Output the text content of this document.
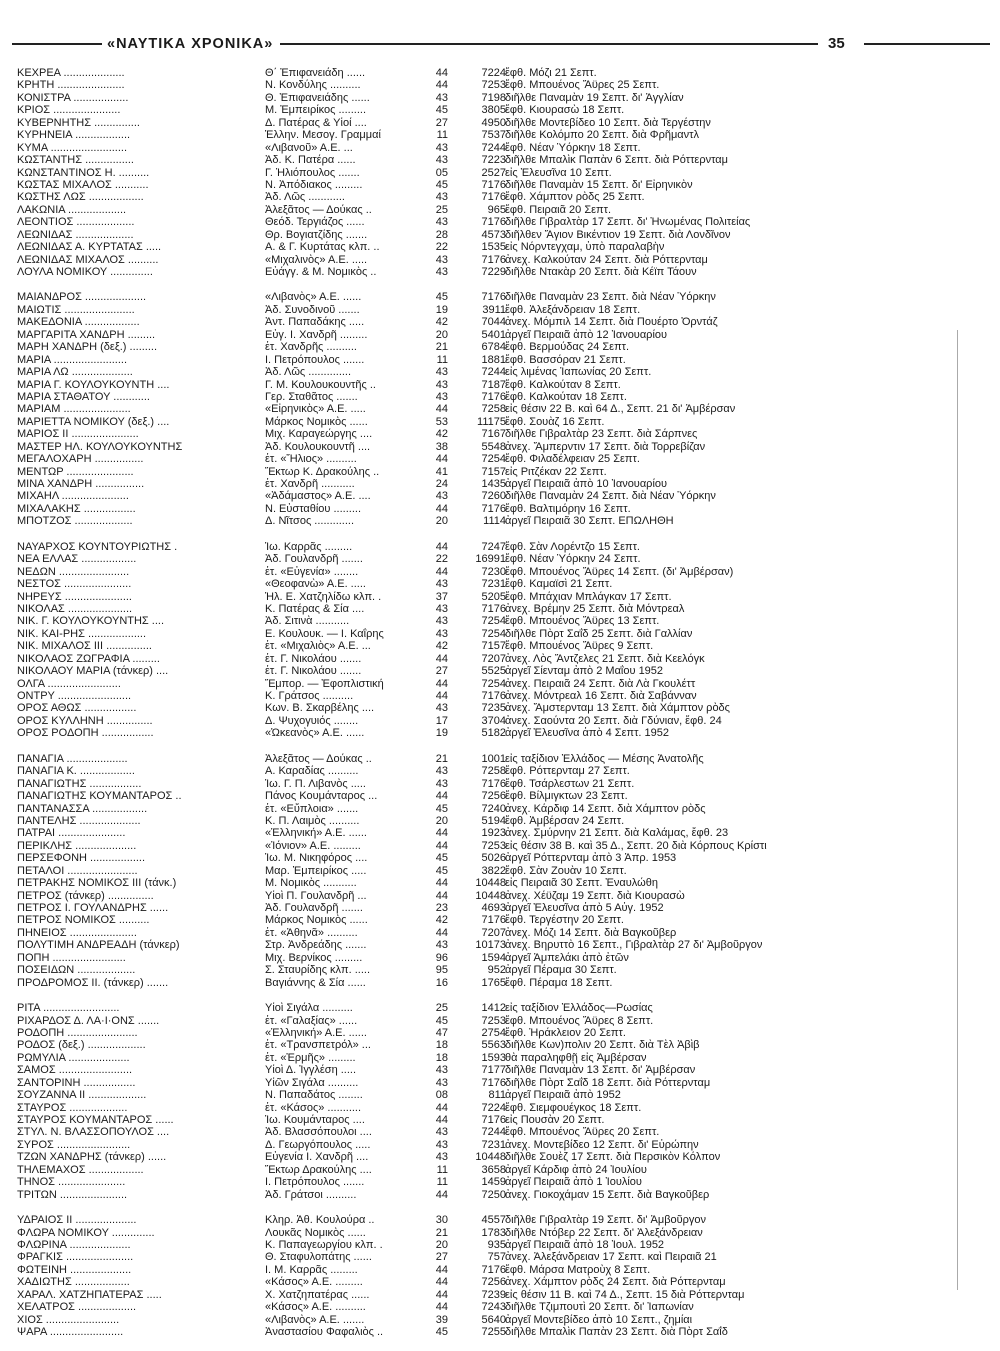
«ΝΑΥΤΙΚΑ ΧΡΟΝΙΚΑ»	35
ΚΕΧΡΕΑ ....................	Θ΄ Ἐπιφανειάδη ......	44	7224 ἔφθ. Μόζι 21 Σεπτ.
ΚΡΗΤΗ ......................	Ν. Κονδύλης ..........	44	7253 ἔφθ. Μπουένος Ἄϋρες 25 Σεπτ.
ΚΟΝΙΣΤΡΑ ..................	Θ. Ἐπιφανειάδης ......	43	7198 διῆλθε Παναμὰν 19 Σεπτ. δι' Ἀγγλίαν
ΚΡΙΟΣ ......................	Μ. Ἐμπειρίκος .........	45	3805 ἔφθ. Κιουρασὼ 18 Σεπτ.
ΚΥΒΕΡΝΗΤΗΣ ...............	Δ. Πατέρας & Υἱοί ....	27	4950 διῆλθε Μοντεβίδεο 10 Σεπτ. διὰ Τεργέστην
ΚΥΡΗΝΕΙΑ ..................	Ἑλλην. Μεσογ. Γραμμαί	11	7537 διῆλθε Κολόμπο 20 Σεπτ. διὰ Φρῆμαντλ
ΚΥΜΑ .........................	«Λιβανοῦ» Α.Ε. ...	43	7244 ἔφθ. Νέαν Ὑόρκην 18 Σεπτ.
ΚΩΣΤΑΝΤΗΣ ................	Ἀδ. Κ. Πατέρα ......	43	7223 διῆλθε Μπαλὶκ Παπὰν 6 Σεπτ. διὰ Ρόττερνταμ
ΚΩΝΣΤΑΝΤΙΝΟΣ Η. ..........	Γ. Ἡλιόπουλος .......	05	2527 εἰς Ἐλευσῖνα 10 Σεπτ.
ΚΩΣΤΑΣ ΜΙΧΑΛΟΣ ...........	Ν. Ἀπόδιακος .........	45	7176 διῆλθε Παναμὰν 15 Σεπτ. δι' Εἰρηνικὸν
ΚΩΣΤΗΣ ΛΩΣ ..................	Ἀδ. Λῶς ............	43	7176 ἔφθ. Χάμπτον ρὸδς 25 Σεπτ.
ΛΑΚΩΝΙΑ ...................	Ἀλεξᾶτος — Δούκας ..	25	965 ἔφθ. Πειραιᾶ 20 Σεπτ.
ΛΕΟΝΤΙΟΣ ...................	Θεόδ. Τεργιάζος ......	43	7176 διῆλθε Γιβραλτὰρ 17 Σεπτ. δι' Ἡνωμένας Πολιτείας
ΛΕΩΝΙΔΑΣ ...................	Θρ. Βογιατζίδης .......	28	4573 διῆλθεν Ἅγιον Βικέντιον 19 Σεπτ. διὰ Λονδῖνον
ΛΕΩΝΙΔΑΣ Α. ΚΥΡΤΑΤΑΣ .....	Α. & Γ. Κυρτάτας κλπ. ..	22	1535 εἰς Νόρντεγχαμ, ὑπὸ παραλαβὴν
ΛΕΩΝΙΔΑΣ ΜΙΧΑΛΟΣ ..........	«Μιχαλινὸς» Α.Ε. .....	43	7176 ἀνεχ. Καλκούταν 24 Σεπτ. διὰ Ρόττερνταμ
ΛΟΥΛΑ ΝΟΜΙΚΟΥ ..............	Εὐάγγ. & Μ. Νομικὸς ..	43	7229 διῆλθε Ντακὰρ 20 Σεπτ. διὰ Κέϊπ Τάουν
ΜΑΙΑΝΔΡΟΣ ....................	«Λιβανὸς» Α.Ε. ......	45	7176 διῆλθε Παναμὰν 23 Σεπτ. διὰ Νέαν Ὑόρκην
ΜΑΙΩΤΙΣ .......................	Ἀδ. Συνοδινοῦ .......	19	3911 ἔφθ. Ἀλεξάνδρειαν 18 Σεπτ.
ΜΑΚΕΔΟΝΙΑ ..................	Ἀντ. Παπαδάκης .....	42	7044 ἀνεχ. Μόμπιλ 14 Σεπτ. διὰ Πουέρτο Ὀρντάζ
ΜΑΡΓΑΡΙΤΑ ΧΑΝΔΡΗ .........	Εὐγ. Ι. Χανδρῆ .........	20	5401 ἀργεῖ Πειραιᾶ ἀπὸ 12 Ἰανουαρίου
ΜΑΡΗ ΧΑΝΔΡΗ (δεξ.) .........	ἑτ. Χανδρῆς ..........	21	6784 ἔφθ. Βερμούδας 24 Σεπτ.
ΜΑΡΙΑ ........................	Ι. Πετρόπουλος .......	11	1881 ἔφθ. Βασσόραν 21 Σεπτ.
ΜΑΡΙΑ ΛΩ ....................	Ἀδ. Λῶς ..............	43	7244 εἰς λιμένας Ἰαπωνίας 20 Σεπτ.
ΜΑΡΙΑ Γ. ΚΟΥΛΟΥΚΟΥΝΤΗ ....	Γ. Μ. Κουλουκουντῆς ..	43	7187 ἔφθ. Καλκούταν 8 Σεπτ.
ΜΑΡΙΑ ΣΤΑΘΑΤΟΥ ............	Γερ. Σταθᾶτος .......	43	7176 ἔφθ. Καλκούταν 18 Σεπτ.
ΜΑΡΙΑΜ ......................	«Εἰρηνικὸς» Α.Ε. .....	44	7258 εἰς θέσιν 22 Β. καὶ 64 Δ., Σεπτ. 21 δι' Ἀμβέρσαν
ΜΑΡΙΕΤΤΑ ΝΟΜΙΚΟΥ (δεξ.) ....	Μάρκος Νομικὸς ......	53	11175 ἔφθ. Σουὰζ 16 Σεπτ.
ΜΑΡΙΟΣ ΙΙ ......................	Μιχ. Καραγεώργης ....	42	7167 διῆλθε Γιβραλτὰρ 23 Σεπτ. διὰ Σάρπνες
ΜΑΣΤΕΡ ΗΛ. ΚΟΥΛΟΥΚΟΥΝΤΗΣ	Ἀδ. Κουλουκουντῆ ....	38	5548 ἀνεχ. Ἄμπερντιν 17 Σεπτ. διὰ Τορρεβίζαν
ΜΕΓΑΛΟΧΑΡΗ ................	ἑτ. «Ἥλιος» ..........	44	7254 ἔφθ. Φιλαδέλφειαν 25 Σεπτ.
ΜΕΝΤΩΡ ......................	Ἕκτωρ Κ. Δρακούλης ..	41	7157 εἰς Ριτζέκαν 22 Σεπτ.
ΜΙΝΑ ΧΑΝΔΡΗ ................	ἑτ. Χανδρῆ ...........	24	1435 ἀργεῖ Πειραιᾶ ἀπὸ 10 Ἰανουαρίου
ΜΙΧΑΗΛ ......................	«Ἀδάμαστος» Α.Ε. ....	43	7260 διῆλθε Παναμὰν 24 Σεπτ. διὰ Νέαν Ὑόρκην
ΜΙΧΑΛΑΚΗΣ .................	Ν. Εὐσταθίου .........	44	7176 ἔφθ. Βαλτιμόρην 16 Σεπτ.
ΜΠΟΤΖΟΣ ...................	Δ. Νῖτσος .............	20	1114 ἀργεῖ Πειραιᾶ 30 Σεπτ. ΕΠΩΛΗΘΗ
ΝΑΥΑΡΧΟΣ ΚΟΥΝΤΟΥΡΙΩΤΗΣ .	Ἰω. Καρρᾶς .........	44	7247 ἔφθ. Σὰν Λορέντζο 15 Σεπτ.
ΝΕΑ ΕΛΛΑΣ ..................	Ἀδ. Γουλανδρῆ .......	22	16991 ἔφθ. Νέαν Ὑόρκην 24 Σεπτ.
ΝΕΔΩΝ .......................	ἑτ. «Εὐγενία» ........	44	7230 ἔφθ. Μπουένος Ἄϋρες 14 Σεπτ. (δι' Ἀμβέρσαν)
ΝΕΣΤΟΣ ......................	«Θεοφανὼ» Α.Ε. .....	43	7231 ἔφθ. Καμαϊσὶ 21 Σεπτ.
ΝΗΡΕΥΣ ......................	Ἠλ. Ε. Χατζηλίδω κλπ. .	37	5205 ἔφθ. Μπάχιαν Μπλάγκαν 17 Σεπτ.
ΝΙΚΟΛΑΣ .....................	Κ. Πατέρας & Σία ....	43	7176 ἀνεχ. Βρέμην 25 Σεπτ. διὰ Μόντρεαλ
ΝΙΚ. Γ. ΚΟΥΛΟΥΚΟΥΝΤΗΣ ....	Ἀδ. Σιτινὰ ...........	43	7254 ἔφθ. Μπουένος Ἄϋρες 13 Σεπτ.
ΝΙΚ. ΚΑΙ-ΡΗΣ ...................	Ε. Κουλουκ. — Ι. Καΐρης	43	7254 διῆλθε Πὸρτ Σαΐδ 25 Σεπτ. διὰ Γαλλίαν
ΝΙΚ. ΜΙΧΑΛΟΣ ΙΙΙ ...............	ἑτ. «Μιχαλιὸς» Α.Ε. ...	42	7157 ἔφθ. Μπουένος Ἄϋρες 9 Σεπτ.
ΝΙΚΟΛΑΟΣ ΖΩΓΡΑΦΙΑ .........	ἑτ. Γ. Νικολάου .......	44	7207 ἀνεχ. Λὸς Ἄντζελες 21 Σεπτ. διὰ Κεελόγκ
ΝΙΚΟΛΑΟΥ ΜΑΡΙΑ (τάνκερ) ....	ἑτ. Γ. Νικολάου .......	27	5525 ἀργεῖ Σίενταμ ἀπὸ 2 Μαΐου 1952
ΟΛΓΑ ........................	Ἔμπορ. — Ἐφοπλιστική	44	7254 ἀνεχ. Πειραιᾶ 24 Σεπτ. διὰ Λὰ Γκουλέττ
ΟΝΤΡΥ ........................	Κ. Γράτσος ..........	44	7176 ἀνεχ. Μόντρεαλ 16 Σεπτ. διὰ Σαβάνναν
ΟΡΟΣ ΑΘΩΣ .................	Κων. Β. Σκαρβέλης ....	43	7235 ἀνεχ. Ἄμστερνταμ 13 Σεπτ. διὰ Χάμπτον ρὸδς
ΟΡΟΣ ΚΥΛΛΗΝΗ ...............	Δ. Ψυχογυιός ........	17	3704 ἀνεχ. Σαούντα 20 Σεπτ. διὰ Γδύνιαν, ἔφθ. 24
ΟΡΟΣ ΡΟΔΟΠΗ .................	«Ὠκεανὸς» Α.Ε. ......	19	5182 ἀργεῖ Ἐλευσῖνα ἀπὸ 4 Σεπτ. 1952
ΠΑΝΑΓΙΑ ....................	Ἀλεξᾶτος — Δούκας ..	21	1001 εἰς ταξίδιον Ἑλλάδος — Μέσης Ἀνατολῆς
ΠΑΝΑΓΙΑ Κ. ..................	Α. Καραδίας ..........	43	7258 ἔφθ. Ρόττερνταμ 27 Σεπτ.
ΠΑΝΑΓΙΩΤΗΣ .................	Ἰω. Γ. Π. Λιβανὸς .....	43	7176 ἔφθ. Τσάρλεστων 21 Σεπτ.
ΠΑΝΑΓΙΩΤΗΣ ΚΟΥΜΑΝΤΑΡΟΣ ..	Πάνος Κουμάνταρος ...	44	7256 ἔφθ. Βίλμιγκτων 23 Σεπτ.
ΠΑΝΤΑΝΑΣΣΑ ..................	ἑτ. «Εὔπλοια» .......	45	7240 ἀνεχ. Κάρδιφ 14 Σεπτ. διὰ Χάμπτον ρὸδς
ΠΑΝΤΕΛΗΣ ....................	Κ. Π. Λαιμὸς ..........	20	5194 ἔφθ. Ἀμβέρσαν 24 Σεπτ.
ΠΑΤΡΑΙ ......................	«Ἑλληνική» Α.Ε. ......	44	1923 ἀνεχ. Σμύρνην 21 Σεπτ. διὰ Καλάμας, ἔφθ. 23
ΠΕΡΙΚΛΗΣ ....................	«Ἰόνιον» Α.Ε. .........	44	7253 εἰς θέσιν 38 Β. καὶ 35 Δ., Σεπτ. 20 διὰ Κόρπους Κρίστι
ΠΕΡΣΕΦΟΝΗ ..................	Ἰω. Μ. Νικηφόρος ....	45	5026 ἀργεῖ Ρόττερνταμ ἀπὸ 3 Ἀπρ. 1953
ΠΕΤΑΛΟΙ .......................	Μαρ. Ἐμπειρίκος .....	45	3822 ἔφθ. Σὰν Ζουὰν 10 Σεπτ.
ΠΕΤΡΑΚΗΣ ΝΟΜΙΚΟΣ ΙΙΙ (τάνκ.)	Μ. Νομικὸς ...........	44	10448 εἰς Πειραιᾶ 30 Σεπτ. Ἐναυλώθη
ΠΕΤΡΟΣ (τάνκερ) ...............	Υἱοὶ Π. Γουλανδρῆ ...	44	10448 ἀνεχ. Χέϋζαμ 19 Σεπτ. διὰ Κιουρασὼ
ΠΕΤΡΟΣ Ι. ΓΟΥΛΑΝΔΡΗΣ ......	Ἀδ. Γουλανδρῆ .......	23	4693 ἀργεῖ Ἐλευσῖνα ἀπὸ 5 Αὐγ. 1952
ΠΕΤΡΟΣ ΝΟΜΙΚΟΣ ..........	Μάρκος Νομικὸς ......	42	7176 ἔφθ. Τεργέστην 20 Σεπτ.
ΠΗΝΕΙΟΣ ......................	ἑτ. «Ἀθηνᾶ» ..........	44	7207 ἀνεχ. Μόζι 14 Σεπτ. διὰ Βαγκοῦβερ
ΠΟΛΥΤΙΜΗ ΑΝΔΡΕΑΔΗ (τάνκερ)	Στρ. Ἀνδρεάδης .......	43	10173 ἀνεχ. Βηρυττὸ 16 Σεπτ., Γιβραλτὰρ 27 δι' Ἀμβοῦργον
ΠΟΠΗ ........................	Μιχ. Βερνίκος .........	96	1594 ἀργεῖ Ἀμπελάκι ἀπὸ ἐτῶν
ΠΟΣΕΙΔΩΝ ...................	Σ. Σταυρίδης κλπ. .....	95	952 ἀργεῖ Πέραμα 30 Σεπτ.
ΠΡΟΔΡΟΜΟΣ ΙΙ. (τάνκερ) .......	Βαγιάννης & Σία ......	16	1765 ἔφθ. Πέραμα 18 Σεπτ.
ΡΙΤΑ .........................	Υἱοὶ Σιγάλα ..........	25	1412 εἰς ταξίδιον Ἑλλάδος—Ρωσίας
ΡΙΧΑΡΔΟΣ Δ. ΛΑ·Ι·ΟΝΣ .......	ἑτ. «Γαλαξίας» ......	45	7253 ἔφθ. Μπουένος Ἄϋρες 8 Σεπτ.
ΡΟΔΟΠΗ .......................	«Ἑλληνική» Α.Ε. ......	47	2754 ἔφθ. Ἡράκλειον 20 Σεπτ.
ΡΟΔΟΣ (δεξ.) ...................	ἑτ. «Τρανσπετρόλ» ...	18	5563 διῆλθε Κων)πολιν 20 Σεπτ. διὰ Τὲλ Ἀβὶβ
ΡΩΜΥΛΙΑ ....................	ἑτ. «Ἑρμῆς» .........	18	1593 θὰ παραληφθῇ εἰς Ἀμβέρσαν
ΣΑΜΟΣ ........................	Υἱοὶ Δ. Ἰγγλέση .....	43	7177 διῆλθε Παναμὰν 13 Σεπτ. δι' Ἀμβέρσαν
ΣΑΝΤΟΡΙΝΗ .................	Υἱῶν Σιγάλα ..........	43	7176 διῆλθε Πὸρτ Σαΐδ 18 Σεπτ. διὰ Ρόττερνταμ
ΣΟΥΖΑΝΝΑ ΙΙ ...................	Ν. Παπαδάτος ........	08	811 ἀργεῖ Πειραιᾶ ἀπὸ 1952
ΣΤΑΥΡΟΣ ...................	ἑτ. «Κάσος» ...........	44	7224 ἔφθ. Σιεμφουέγκος 18 Σεπτ.
ΣΤΑΥΡΟΣ ΚΟΥΜΑΝΤΑΡΟΣ ......	Ἰω. Κουμάνταρος ....	44	7176 εἰς Πουσὰν 20 Σεπτ.
ΣΤΥΛ. Ν. ΒΛΑΣΣΟΠΟΥΛΟΣ ....	Ἀδ. Βλασσόπουλοι ....	43	7244 ἔφθ. Μπουένος Ἄϋρες 20 Σεπτ.
ΣΥΡΟΣ ........................	Δ. Γεωργόπουλος .....	43	7231 ἀνεχ. Μοντεβίδεο 12 Σεπτ. δι' Εὐρώπην
ΤΖΩΝ ΧΑΝΔΡΗΣ (τάνκερ) ......	Εὐγενία Ι. Χανδρῆ ....	43	10448 διῆλθε Σουὲζ 17 Σεπτ. διὰ Περσικὸν Κόλπον
ΤΗΛΕΜΑΧΟΣ ..................	Ἕκτωρ Δρακούλης ....	11	3658 ἀργεῖ Κάρδιφ ἀπὸ 24 Ἰουλίου
ΤΗΝΟΣ ......................	Ι. Πετρόπουλος .......	11	1459 ἀργεῖ Πειραιᾶ ἀπὸ 1 Ἰουλίου
ΤΡΙΤΩΝ ......................	Ἀδ. Γράτσοι ..........	44	7250 ἀνεχ. Γιοκοχάμαν 15 Σεπτ. διὰ Βαγκοῦβερ
ΥΔΡΑΙΟΣ ΙΙ ....................	Κληρ. Ἀθ. Κουλούρα ..	30	4557 διῆλθε Γιβραλτὰρ 19 Σεπτ. δι' Ἀμβοῦργον
ΦΛΩΡΑ ΝΟΜΙΚΟΥ ..............	Λουκᾶς Νομικὸς ......	21	1783 διῆλθε Ντόβερ 22 Σεπτ. δι' Ἀλεξάνδρειαν
ΦΛΩΡΙΝΑ ....................	Κ. Παπαγεωργίου κλπ. .	20	935 ἀργεῖ Πειραιᾶ ἀπὸ 18 Ἰουλ. 1952
ΦΡΑΓΚΙΣ ......................	Θ. Σταφυλοπάτης ......	27	757 ἀνεχ. Ἀλεξάνδρειαν 17 Σεπτ. καὶ Πειραιᾶ 21
ΦΩΤΕΙΝΗ ....................	Ι. Μ. Καρρᾶς .........	44	7176 ἔφθ. Μάρσα Ματροὺχ 8 Σεπτ.
ΧΑΔΙΩΤΗΣ ..................	«Κάσος» Α.Ε. .........	44	7256 ἀνεχ. Χάμπτον ρὸδς 24 Σεπτ. διὰ Ρόττερνταμ
ΧΑΡΑΛ. ΧΑΤΖΗΠΑΤΕΡΑΣ .....	Χ. Χατζηπατέρας ......	44	7239 εἰς θέσιν 11 Β. καὶ 74 Δ., Σεπτ. 15 διὰ Ρόττερνταμ
ΧΕΛΑΤΡΟΣ ...................	«Κάσος» Α.Ε. ..........	44	7243 διῆλθε Τζιμπουτὶ 20 Σεπτ. δι' Ἰαπωνίαν
ΧΙΟΣ ........................	«Λιβανὸς» Α.Ε. .......	39	5640 ἀργεῖ Μοντεβίδεο ἀπὸ 10 Σεπτ., ζημίαι
ΨΑΡΑ ........................	Ἀναστασίου Φαφαλιὸς ..	45	7255 διῆλθε Μπαλὶκ Παπὰν 23 Σεπτ. διὰ Πὸρτ Σαΐδ
